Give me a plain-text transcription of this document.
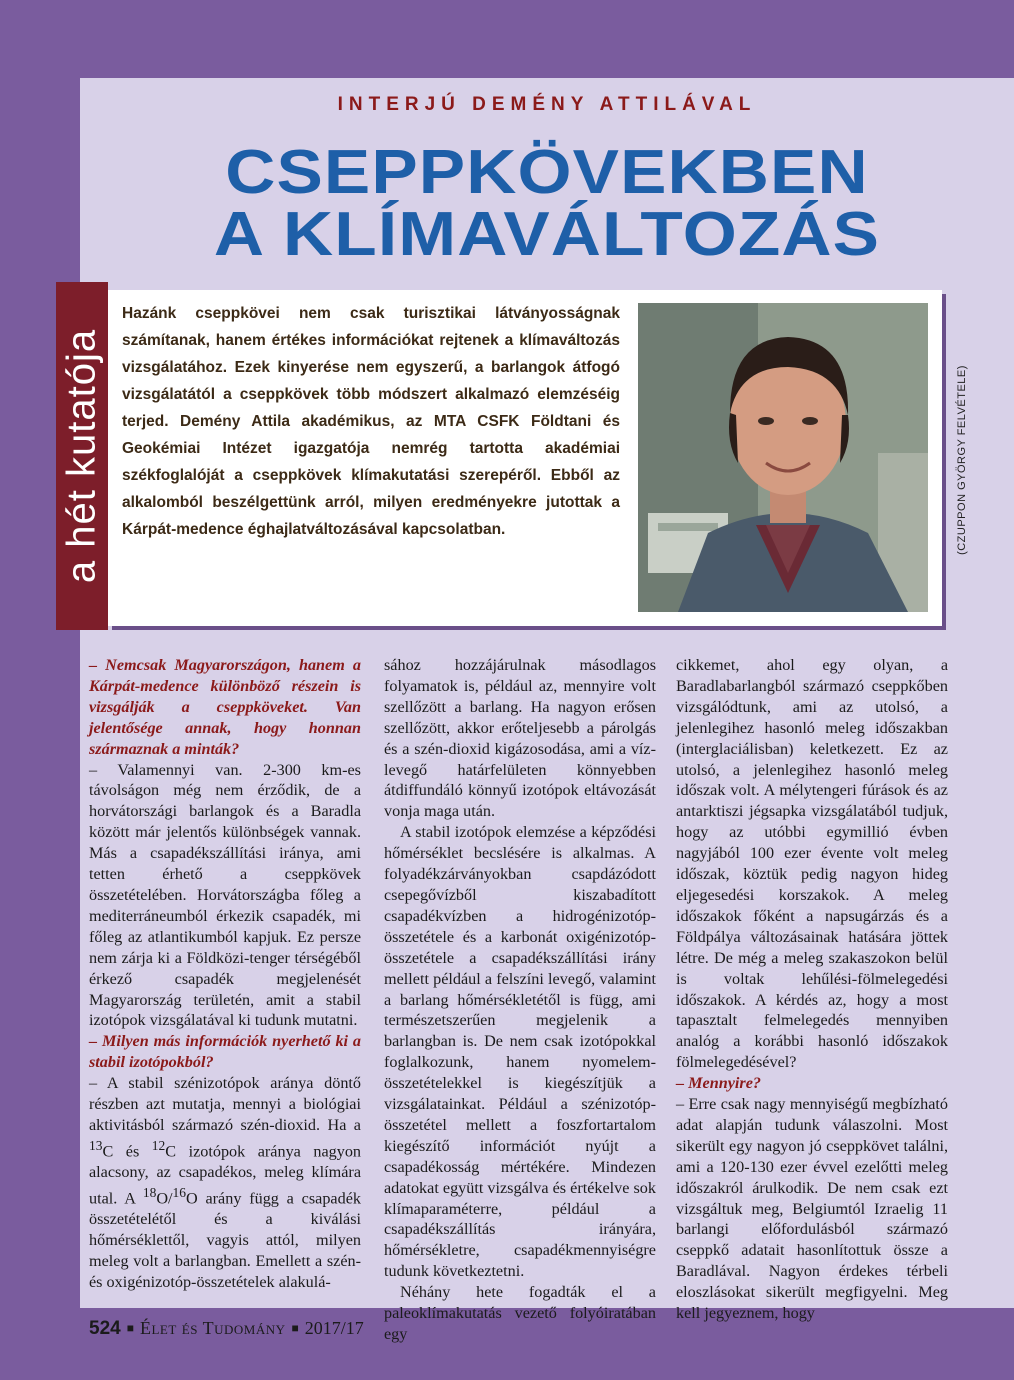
INTERJÚ DEMÉNY ATTILÁVAL
CSEPPKÖVEKBEN
A KLÍMAVÁLTOZÁS
a hét kutatója
Hazánk cseppkövei nem csak turisztikai látványosságnak számítanak, hanem értékes információkat rejtenek a klímaváltozás vizsgálatához. Ezek kinyerése nem egyszerű, a barlangok átfogó vizsgálatától a cseppkövek több módszert alkalmazó elemzéséig terjed. Demény Attila akadémikus, az MTA CSFK Földtani és Geokémiai Intézet igazgatója nemrég tartotta akadémiai székfoglalóját a cseppkövek klímakutatási szerepéről. Ebből az alkalomból beszélgettünk arról, milyen eredményekre jutottak a Kárpát-medence éghajlatváltozásával kapcsolatban.	(CZUPPON GYÖRGY FELVÉTELE)

– Nemcsak Magyarországon, hanem a Kárpát-medence különböző részein is vizsgálják a cseppköveket. Van jelentősége annak, hogy honnan származnak a minták?

– Valamennyi van. 2-300 km-es távolságon még nem érződik, de a horvátországi barlangok és a Baradla között már jelentős különbségek vannak. Más a csapadékszállítási iránya, ami tetten érhető a cseppkövek összetételében. Horvátországba főleg a mediterráneumból érkezik csapadék, mi főleg az atlantikumból kapjuk. Ez persze nem zárja ki a Földközi-tenger térségéből érkező csapadék megjelenését Magyarország területén, amit a stabil izotópok vizsgálatával ki tudunk mutatni.

– Milyen más információk nyerhető ki a stabil izotópokból?

– A stabil szénizotópok aránya döntő részben azt mutatja, mennyi a biológiai aktivitásból származó szén-dioxid. Ha a $^{13}$C és $^{12}$C izotópok aránya nagyon alacsony, az csapadékos, meleg klímára utal. A $^{18}$O/$^{16}$O arány függ a csapadék összetételétől és a kiválási hőmérséklettől, vagyis attól, milyen meleg volt a barlangban. Emellett a szén- és oxigénizotóp-összetételek alakulá-

sához hozzájárulnak másodlagos folyamatok is, például az, mennyire volt szellőzött a barlang. Ha nagyon erősen szellőzött, akkor erőteljesebb a párolgás és a szén-dioxid kigázosodása, ami a víz-levegő határfelületen könnyebben átdiffundáló könnyű izotópok eltávozását vonja maga után.

A stabil izotópok elemzése a képződési hőmérséklet becslésére is alkalmas. A folyadékzárványokban csapdázódott csepegővízből kiszabadított csapadékvízben a hidrogénizotóp-összetétele és a karbonát oxigénizotóp-összetétele a csapadékszállítási irány mellett például a felszíni levegő, valamint a barlang hőmérsékletétől is függ, ami természetszerűen megjelenik a barlangban is. De nem csak izotópokkal foglalkozunk, hanem nyomelem-összetételekkel is kiegészítjük a vizsgálatainkat. Például a szénizotóp-összetétel mellett a foszfortartalom kiegészítő információt nyújt a csapadékosság mértékére. Mindezen adatokat együtt vizsgálva és értékelve sok klímaparaméterre, például a csapadékszállítás irányára, hőmérsékletre, csapadékmennyiségre tudunk következtetni.

Néhány hete fogadták el a paleoklímakutatás vezető folyóiratában egy

cikkemet, ahol egy olyan, a Baradlabarlangból származó cseppkőben vizsgálódtunk, ami az utolsó, a jelenlegihez hasonló meleg időszakban (interglaciálisban) keletkezett. Ez az utolsó, a jelenlegihez hasonló meleg időszak volt. A mélytengeri fúrások és az antarktiszi jégsapka vizsgálatából tudjuk, hogy az utóbbi egymillió évben nagyjából 100 ezer évente volt meleg időszak, köztük pedig nagyon hideg eljegesedési korszakok. A meleg időszakok főként a napsugárzás és a Földpálya változásainak hatására jöttek létre. De még a meleg szakaszokon belül is voltak lehűlési-fölmelegedési időszakok. A kérdés az, hogy a most tapasztalt felmelegedés mennyiben analóg a korábbi hasonló időszakok fölmelegedésével?

– Mennyire?

– Erre csak nagy mennyiségű megbízható adat alapján tudunk válaszolni. Most sikerült egy nagyon jó cseppkövet találni, ami a 120-130 ezer évvel ezelőtti meleg időszakról árulkodik. De nem csak ezt vizsgáltuk meg, Belgiumtól Izraelig 11 barlangi előfordulásból származó cseppkő adatait hasonlítottuk össze a Baradlával. Nagyon érdekes térbeli eloszlásokat sikerült megfigyelni. Meg kell jegyeznem, hogy

524 ■ Élet és Tudomány ■ 2017/17
